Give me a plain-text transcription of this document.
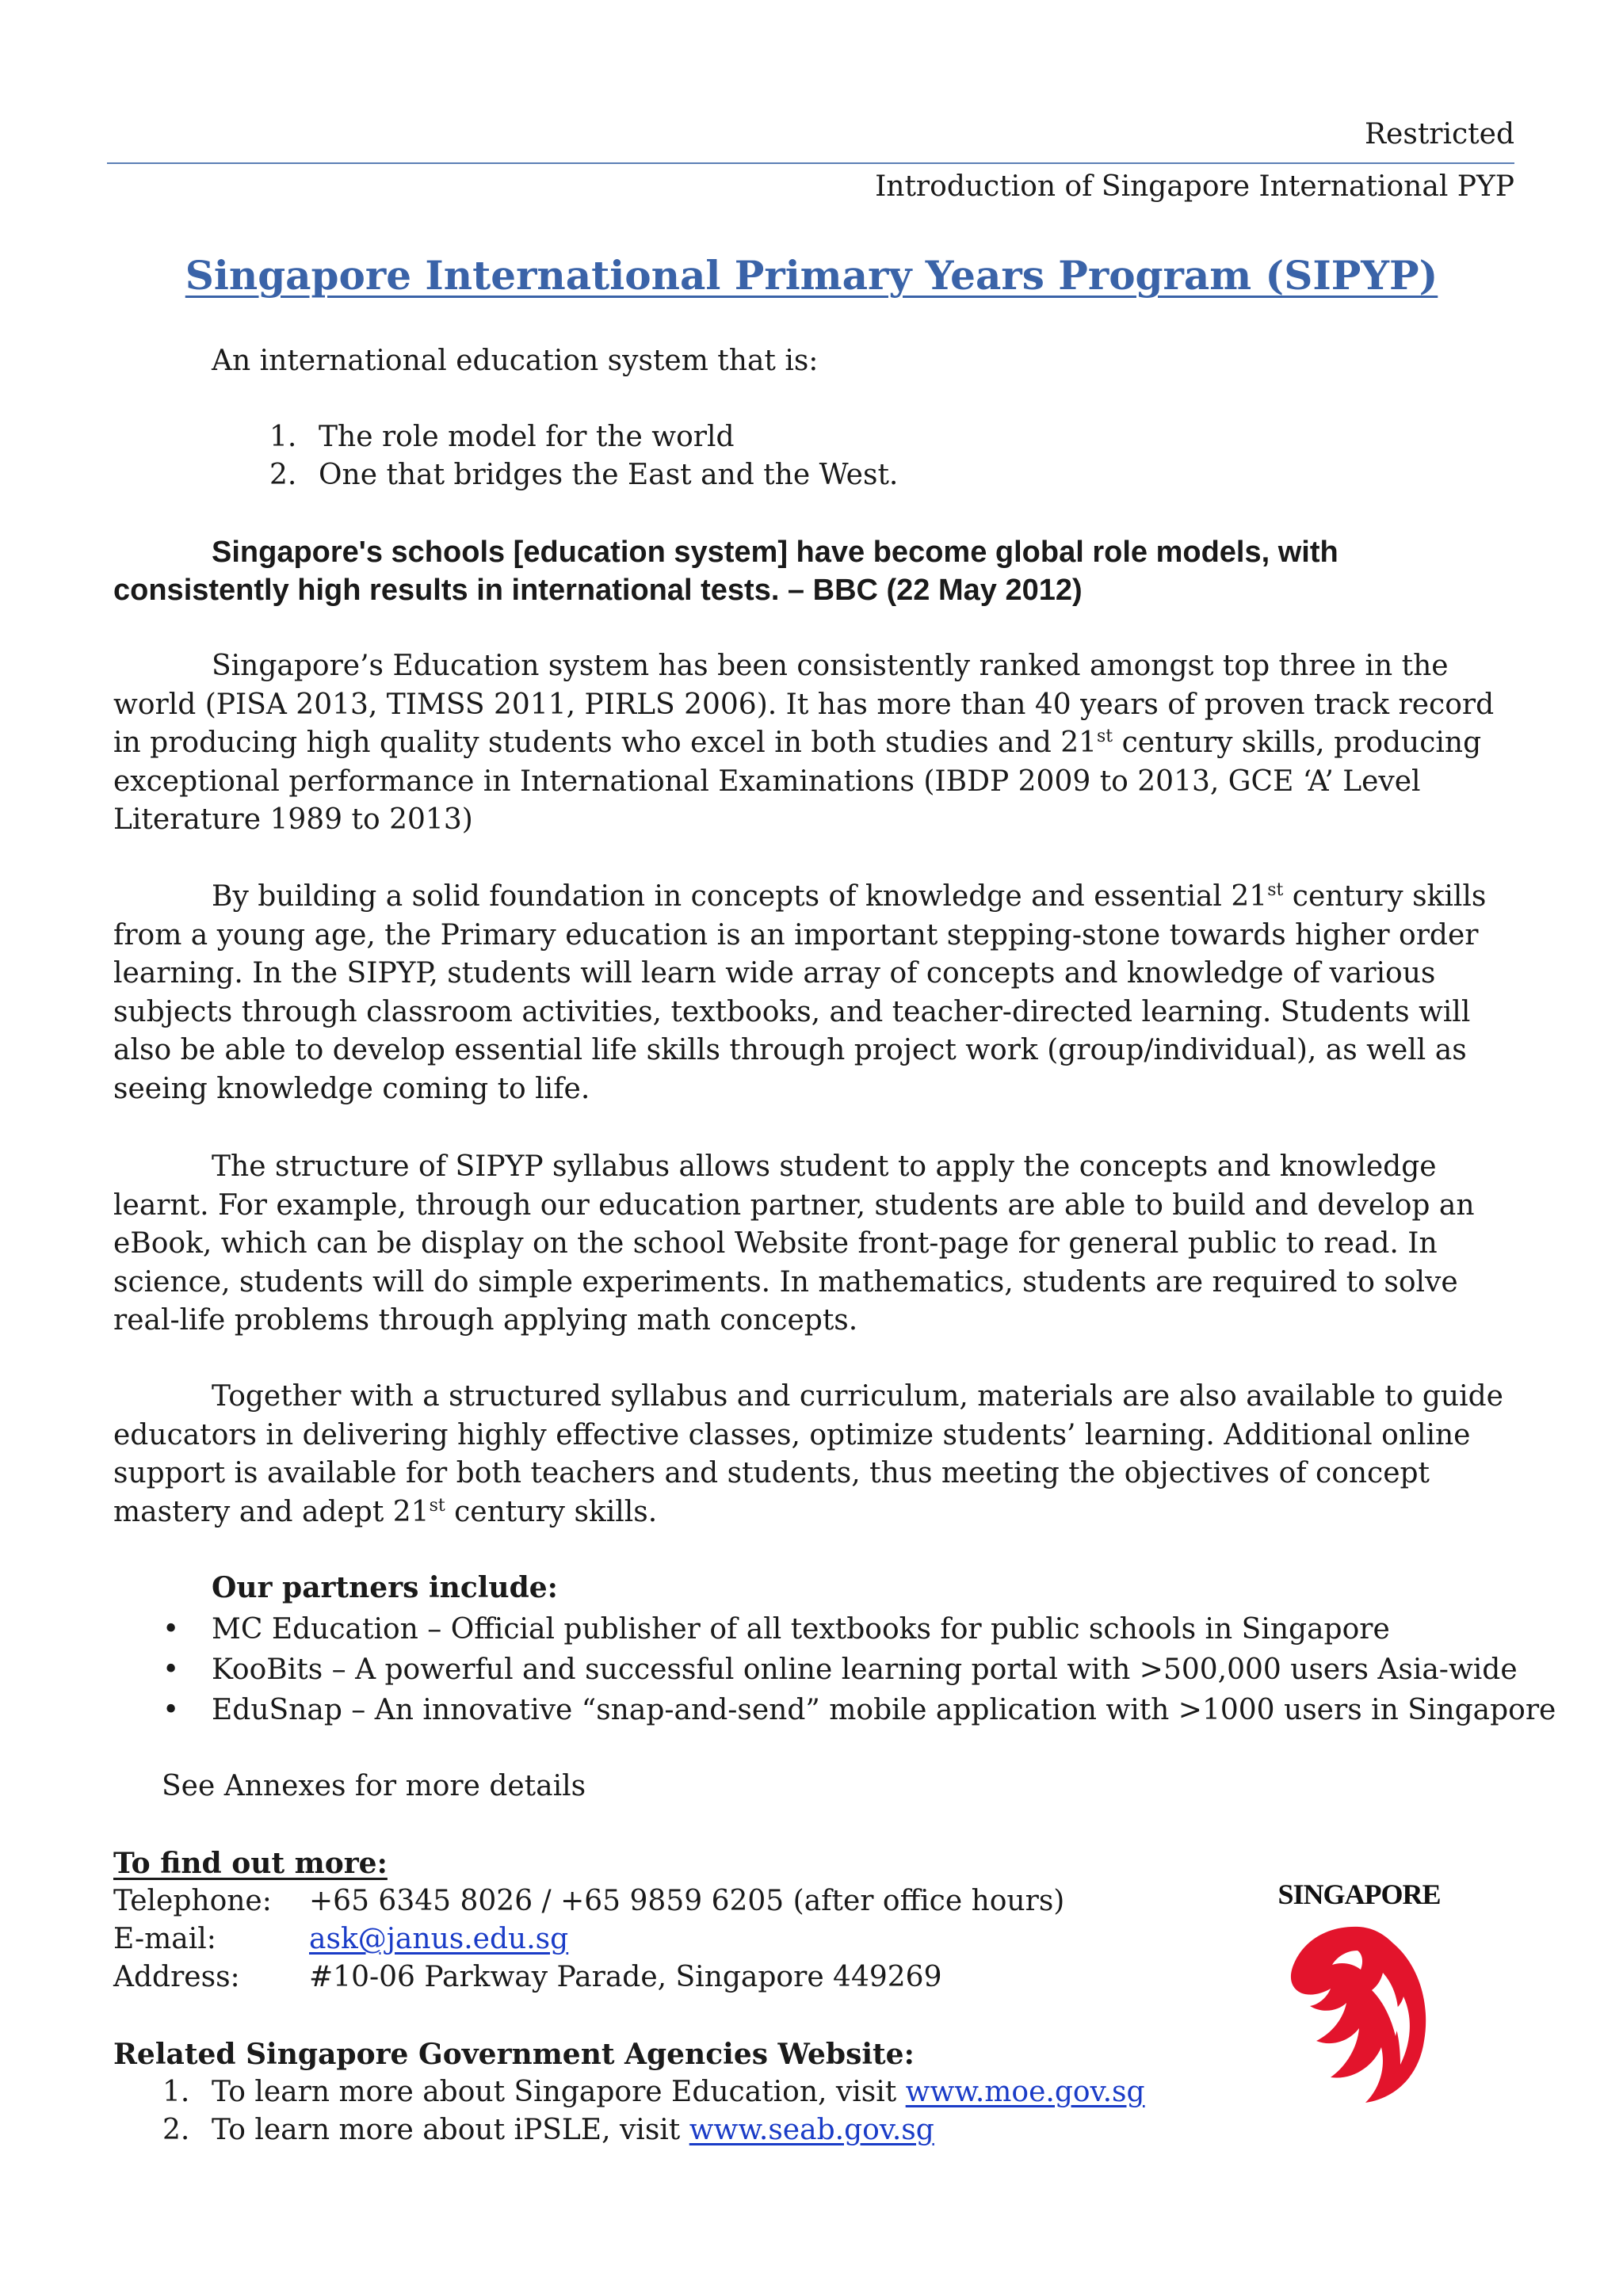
Restricted
Introduction of Singapore International PYP
Singapore International Primary Years Program (SIPYP)
An international education system that is:
1. The role model for the world
2. One that bridges the East and the West.

Singapore's schools [education system] have become global role models, with consistently high results in international tests. – BBC (22 May 2012)

Singapore’s Education system has been consistently ranked amongst top three in the world (PISA 2013, TIMSS 2011, PIRLS 2006). It has more than 40 years of proven track record in producing high quality students who excel in both studies and 21st century skills, producing exceptional performance in International Examinations (IBDP 2009 to 2013, GCE ‘A’ Level Literature 1989 to 2013)

By building a solid foundation in concepts of knowledge and essential 21st century skills from a young age, the Primary education is an important stepping-stone towards higher order learning. In the SIPYP, students will learn wide array of concepts and knowledge of various subjects through classroom activities, textbooks, and teacher-directed learning. Students will also be able to develop essential life skills through project work (group/individual), as well as seeing knowledge coming to life.

The structure of SIPYP syllabus allows student to apply the concepts and knowledge learnt. For example, through our education partner, students are able to build and develop an eBook, which can be display on the school Website front-page for general public to read. In science, students will do simple experiments. In mathematics, students are required to solve real-life problems through applying math concepts.

Together with a structured syllabus and curriculum, materials are also available to guide educators in delivering highly effective classes, optimize students’ learning. Additional online support is available for both teachers and students, thus meeting the objectives of concept mastery and adept 21st century skills.

Our partners include:
• MC Education – Official publisher of all textbooks for public schools in Singapore
• KooBits – A powerful and successful online learning portal with >500,000 users Asia-wide
• EduSnap – An innovative “snap-and-send” mobile application with >1000 users in Singapore
See Annexes for more details
To find out more:
Telephone: +65 6345 8026 / +65 9859 6205 (after office hours)
E-mail:	ask@janus.edu.sg
Address: #10-06 Parkway Parade, Singapore 449269
Related Singapore Government Agencies Website:
1. To learn more about Singapore Education, visit www.moe.gov.sg
2. To learn more about iPSLE, visit www.seab.gov.sg
SINGAPORE
